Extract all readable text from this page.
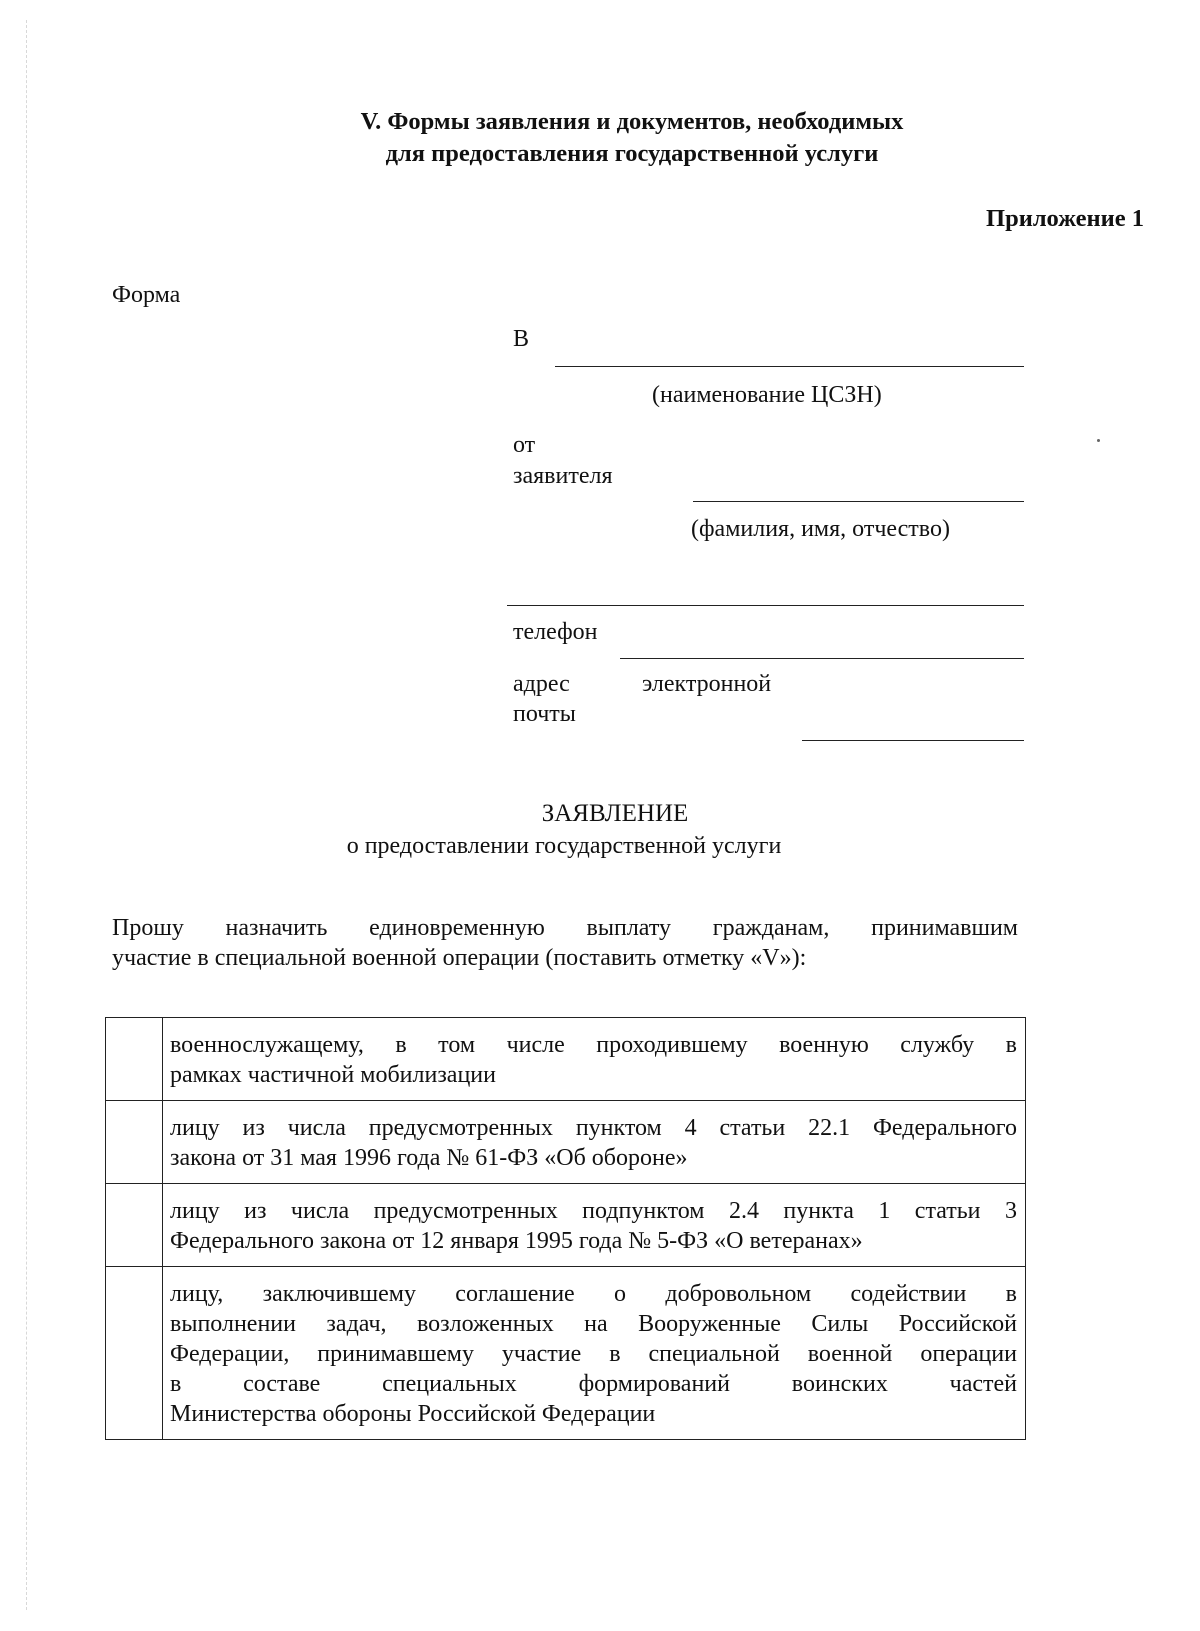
V. Формы заявления и документов, необходимых
для предоставления государственной услуги
Приложение 1
Форма
В
(наименование ЦСЗН)
от
заявителя
(фамилия, имя, отчество)
телефон
адрес	электронной
почты
ЗАЯВЛЕНИЕ
о предоставлении государственной услуги
Прошу назначить единовременную выплату гражданам, принимавшим
участие в специальной военной операции (поставить отметку «V»):

	военнослужащему, в том числе проходившему военную службу в
рамках частичной мобилизации

	лицу из числа предусмотренных пунктом 4 статьи 22.1 Федерального
закона от 31 мая 1996 года № 61-ФЗ «Об обороне»

	лицу из числа предусмотренных подпунктом 2.4 пункта 1 статьи 3
Федерального закона от 12 января 1995 года № 5-ФЗ «О ветеранах»

	лицу, заключившему соглашение о добровольном содействии в
выполнении задач, возложенных на Вооруженные Силы Российской
Федерации, принимавшему участие в специальной военной операции
в составе специальных формирований воинских частей
Министерства обороны Российской Федерации
